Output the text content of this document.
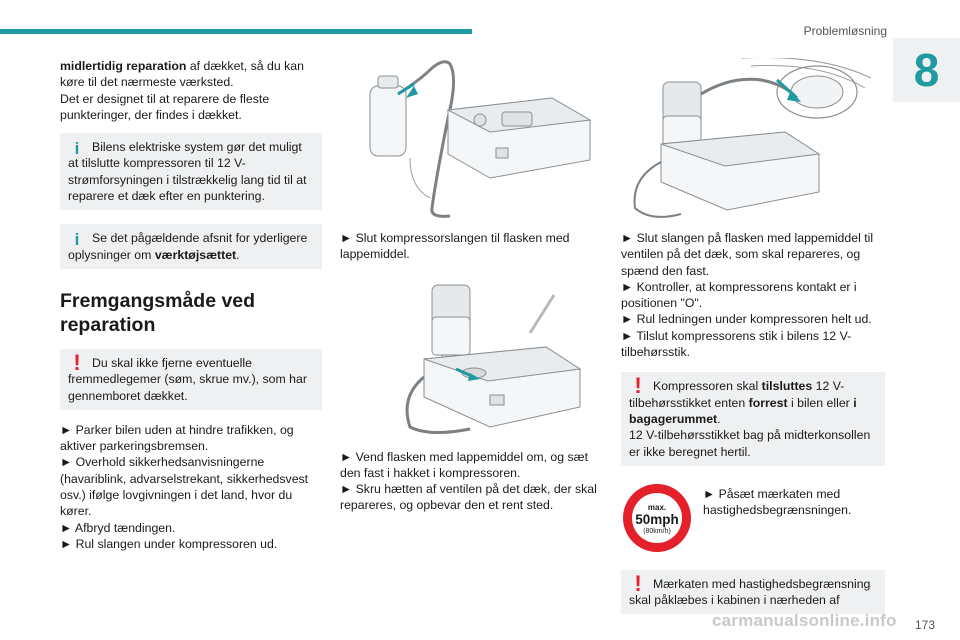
Problemløsning
8

midlertidig reparation af dækket, så du kan køre til det nærmeste værksted.

Det er designet til at reparere de fleste punkteringer, der findes i dækket.

i	Bilens elektriske system gør det muligt at tilslutte kompressoren til 12 V-strømforsyningen i tilstrækkelig lang tid til at reparere et dæk efter en punktering.

i	Se det pågældende afsnit for yderligere oplysninger om værktøjsættet.

Fremgangsmåde ved reparation
! Du skal ikke fjerne eventuelle fremmedlegemer (søm, skrue mv.), som har gennemboret dækket.

► Parker bilen uden at hindre trafikken, og aktiver parkeringsbremsen.
► Overhold sikkerhedsanvisningerne (havariblink, advarselstrekant, sikkerhedsvest osv.) ifølge lovgivningen i det land, hvor du kører.
► Afbryd tændingen.
► Rul slangen under kompressoren ud.

► Slut kompressorslangen til flasken med lappemiddel.

► Vend flasken med lappemiddel om, og sæt den fast i hakket i kompressoren.
► Skru hætten af ventilen på det dæk, der skal repareres, og opbevar den et rent sted.
► Slut slangen på flasken med lappemiddel til ventilen på det dæk, som skal repareres, og spænd den fast.
► Kontroller, at kompressorens kontakt er i positionen "O".
► Rul ledningen under kompressoren helt ud.
► Tilslut kompressorens stik i bilens 12 V-tilbehørsstik.
! Kompressoren skal tilsluttes 12 V-tilbehørsstikket enten forrest i bilen eller i bagagerummet.

12 V-tilbehørsstikket bag på midterkonsollen er ikke beregnet hertil.

max.
50mph
(80km/h)

► Påsæt mærkaten med hastighedsbegrænsningen.

! Mærkaten med hastighedsbegrænsning skal påklæbes i kabinen i nærheden af

carmanualsonline.info 173
